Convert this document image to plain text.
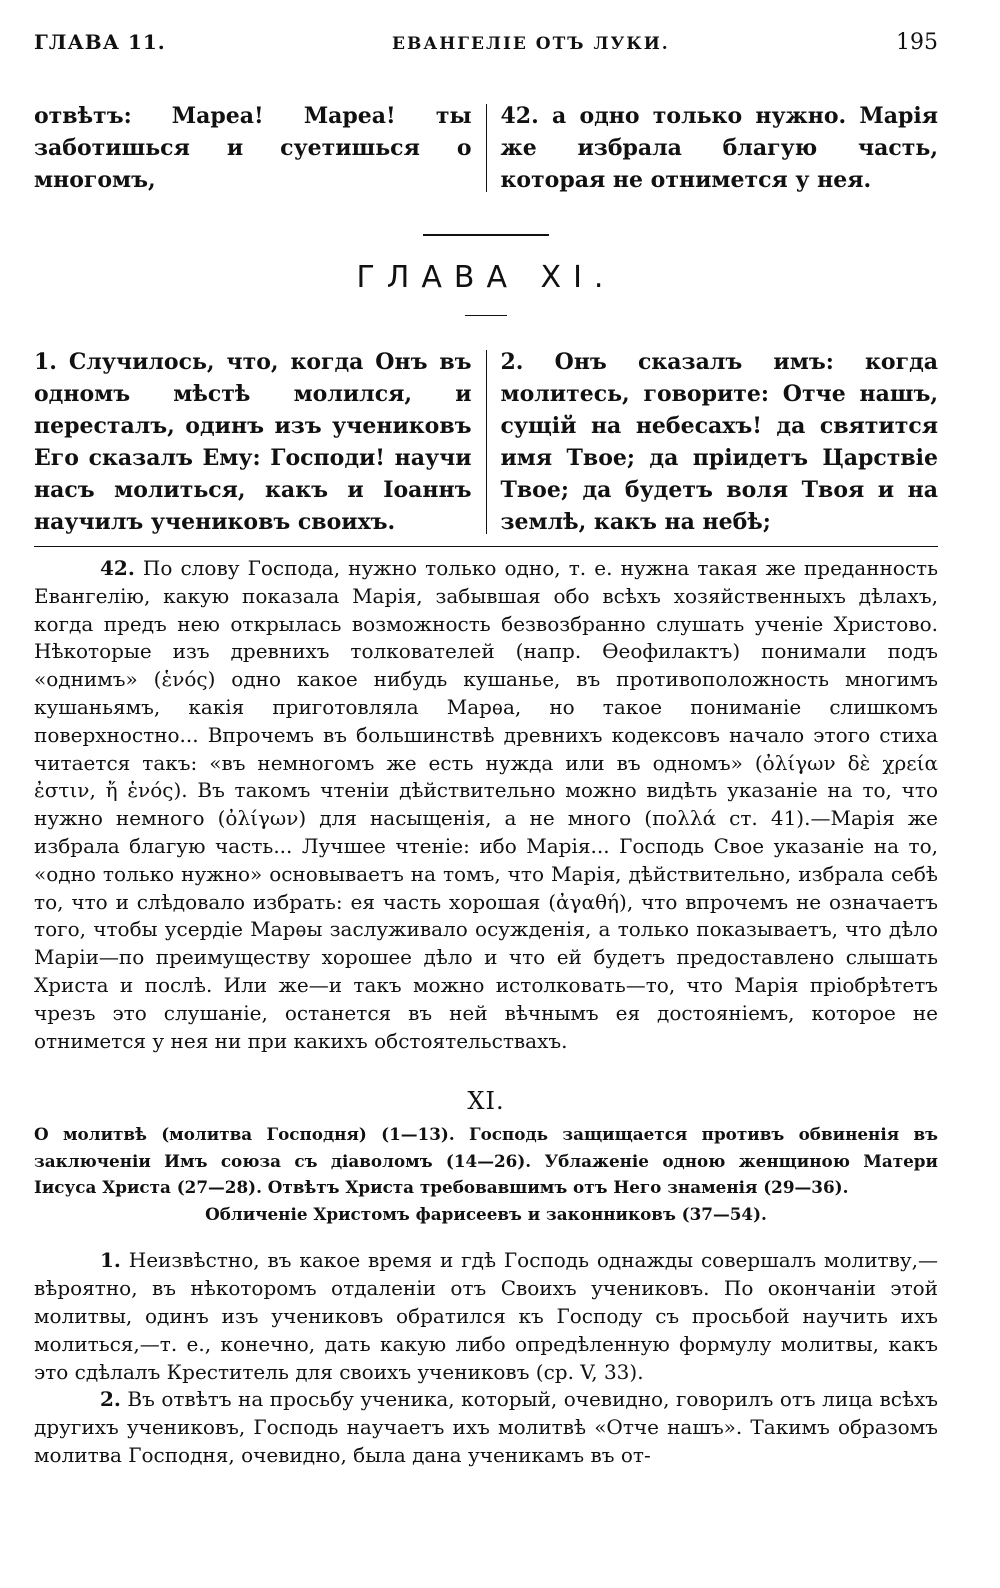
ГЛАВА 11.	ЕВАНГЕЛІЕ ОТЪ ЛУКИ.	195
отвѣтъ: Мареа! Мареа! ты заботишься и суетишься о многомъ,
42. а одно только нужно. Марія же избрала благую часть, которая не отнимется у нея.
ГЛАВА XI.
1. Случилось, что, когда Онъ въ одномъ мѣстѣ молился, и пересталъ, одинъ изъ учениковъ Его сказалъ Ему: Господи! научи насъ молиться, какъ и Іоаннъ научилъ учениковъ своихъ.
2. Онъ сказалъ имъ: когда молитесь, говорите: Отче нашъ, сущій на небесахъ! да святится имя Твое; да пріидетъ Царствіе Твое; да будетъ воля Твоя и на землѣ, какъ на небѣ;

42. По слову Господа, нужно только одно, т. е. нужна такая же преданность Евангелію, какую показала Марія, забывшая обо всѣхъ хозяйственныхъ дѣлахъ, когда предъ нею открылась возможность безвозбранно слушать ученіе Христово. Нѣкоторые изъ древнихъ толкователей (напр. Ѳеофилактъ) понимали подъ «однимъ» (ἑνός) одно какое нибудь кушанье, въ противоположность многимъ кушаньямъ, какія приготовляла Марѳа, но такое пониманіе слишкомъ поверхностно... Впрочемъ въ большинствѣ древнихъ кодексовъ начало этого стиха читается такъ: «въ немногомъ же есть нужда или въ одномъ» (ὀλίγων δὲ χρεία ἐστιν, ἤ ἑνός). Въ такомъ чтеніи дѣйствительно можно видѣть указаніе на то, что нужно немного (ὀλίγων) для насыщенія, а не много (πολλά ст. 41).—Марія же избрала благую часть... Лучшее чтеніе: ибо Марія... Господь Свое указаніе на то, «одно только нужно» основываетъ на томъ, что Марія, дѣйствительно, избрала себѣ то, что и слѣдовало избрать: ея часть хорошая (ἀγαθή), что впрочемъ не означаетъ того, чтобы усердіе Марѳы заслуживало осужденія, а только показываетъ, что дѣло Маріи—по преимуществу хорошее дѣло и что ей будетъ предоставлено слышать Христа и послѣ. Или же—и такъ можно истолковать—то, что Марія пріобрѣтетъ чрезъ это слушаніе, останется въ ней вѣчнымъ ея достояніемъ, которое не отнимется у нея ни при какихъ обстоятельствахъ.

XI.
О молитвѣ (молитва Господня) (1—13). Господь защищается противъ обвиненія въ заключеніи Имъ союза съ діаволомъ (14—26). Ублаженіе одною женщиною Матери Іисуса Христа (27—28). Отвѣтъ Христа требовавшимъ отъ Него знаменія (29—36).
Обличеніе Христомъ фарисеевъ и законниковъ (37—54).

1. Неизвѣстно, въ какое время и гдѣ Господь однажды совершалъ молитву,—вѣроятно, въ нѣкоторомъ отдаленіи отъ Своихъ учениковъ. По окончаніи этой молитвы, одинъ изъ учениковъ обратился къ Господу съ просьбой научить ихъ молиться,—т. е., конечно, дать какую либо опредѣленную формулу молитвы, какъ это сдѣлалъ Креститель для своихъ учениковъ (ср. V, 33).

2. Въ отвѣтъ на просьбу ученика, который, очевидно, говорилъ отъ лица всѣхъ другихъ учениковъ, Господь научаетъ ихъ молитвѣ «Отче нашъ». Такимъ образомъ молитва Господня, очевидно, была дана ученикамъ въ от-
